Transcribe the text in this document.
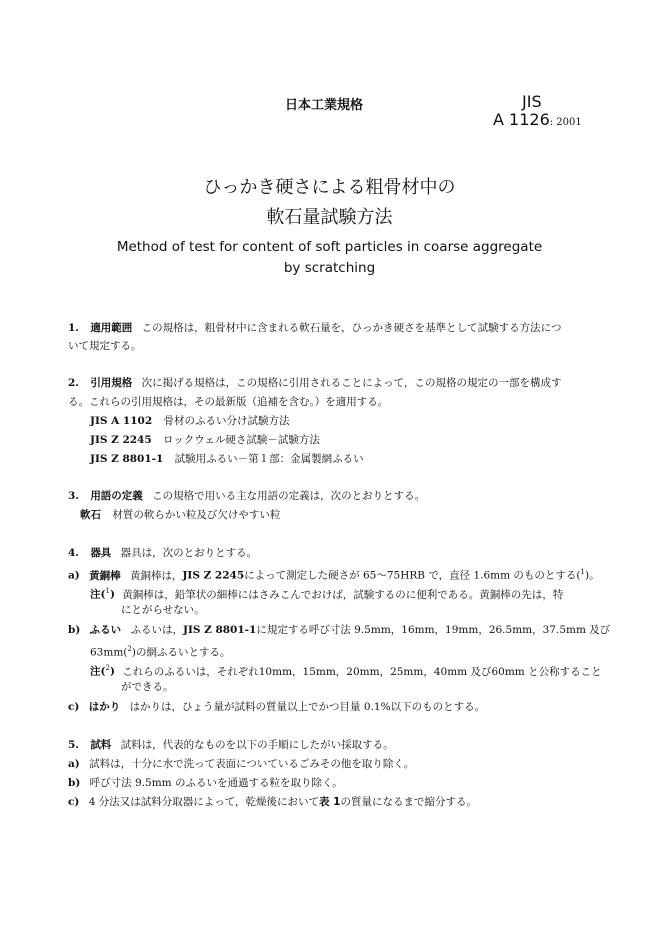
日本工業規格	JIS
A 1126: 2001
ひっかき硬さによる粗骨材中の
軟石量試験方法
Method of test for content of soft particles in coarse aggregate
by scratching
1. 適用範囲 この規格は，粗骨材中に含まれる軟石量を，ひっかき硬さを基準として試験する方法につ
いて規定する。
2. 引用規格 次に掲げる規格は，この規格に引用されることによって，この規格の規定の一部を構成す
る。これらの引用規格は，その最新版（追補を含む。）を適用する。
JIS A 1102 骨材のふるい分け試験方法
JIS Z 2245 ロックウェル硬さ試験－試験方法
JIS Z 8801-1 試験用ふるい－第１部：金属製網ふるい
3. 用語の定義 この規格で用いる主な用語の定義は，次のとおりとする。
軟石 材質の軟らかい粒及び欠けやすい粒
4. 器具 器具は，次のとおりとする。
a) 黄銅棒 黄銅棒は，JIS Z 2245によって測定した硬さが 65～75HRB で，直径 1.6mm のものとする($^1$)。
注($^1$) 黄銅棒は，鉛筆状の細棒にはさみこんでおけば，試験するのに便利である。黄銅棒の先は，特
にとがらせない。
b) ふるい ふるいは，JIS Z 8801-1に規定する呼び寸法 9.5mm，16mm，19mm，26.5mm，37.5mm 及び
63mm($^2$)の網ふるいとする。
注($^2$) これらのふるいは，それぞれ10mm，15mm，20mm，25mm，40mm 及び60mm と公称すること
ができる。
c) はかり はかりは，ひょう量が試料の質量以上でかつ目量 0.1%以下のものとする。
5. 試料 試料は，代表的なものを以下の手順にしたがい採取する。
a) 試料は，十分に水で洗って表面についているごみその他を取り除く。
b) 呼び寸法 9.5mm のふるいを通過する粒を取り除く。
c) 4 分法又は試料分取器によって，乾燥後において表 1の質量になるまで縮分する。
